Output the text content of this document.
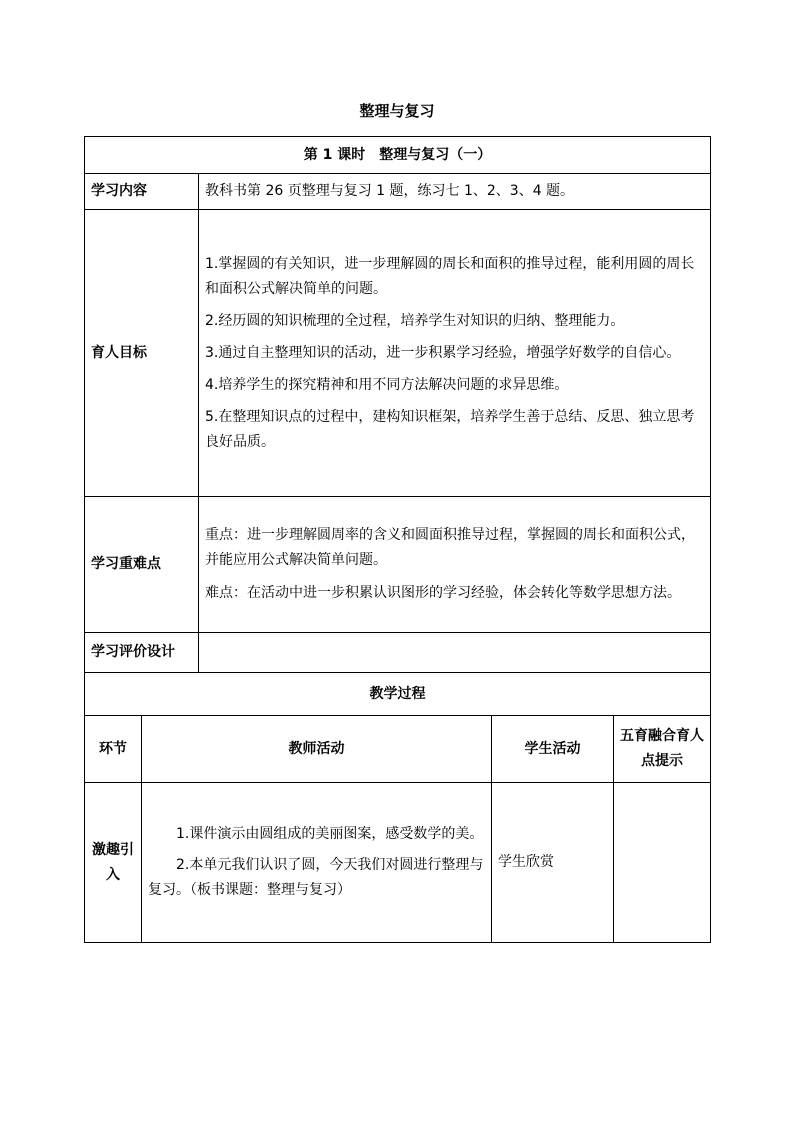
整理与复习
第 1 课时　整理与复习（一）				
学习内容		教科书第 26 页整理与复习 1 题，练习七 1、2、3、4 题。		
育人目标		1.掌握圆的有关知识，进一步理解圆的周长和面积的推导过程，能利用圆的周长和面积公式解决简单的问题。

2.经历圆的知识梳理的全过程，培养学生对知识的归纳、整理能力。

3.通过自主整理知识的活动，进一步积累学习经验，增强学好数学的自信心。

4.培养学生的探究精神和用不同方法解决问题的求异思维。

5.在整理知识点的过程中，建构知识框架，培养学生善于总结、反思、独立思考良好品质。		

学习重难点		重点：进一步理解圆周率的含义和圆面积推导过程，掌握圆的周长和面积公式，并能应用公式解决简单问题。

难点：在活动中进一步积累认识图形的学习经验，体会转化等数学思想方法。		

学习评价设计				
教学过程				
环节	教师活动		学生活动	五育融合育人点提示
激趣引入	1.课件演示由圆组成的美丽图案，感受数学的美。

2.本单元我们认识了圆，今天我们对圆进行整理与复习。（板书课题：整理与复习）		学生欣赏	
